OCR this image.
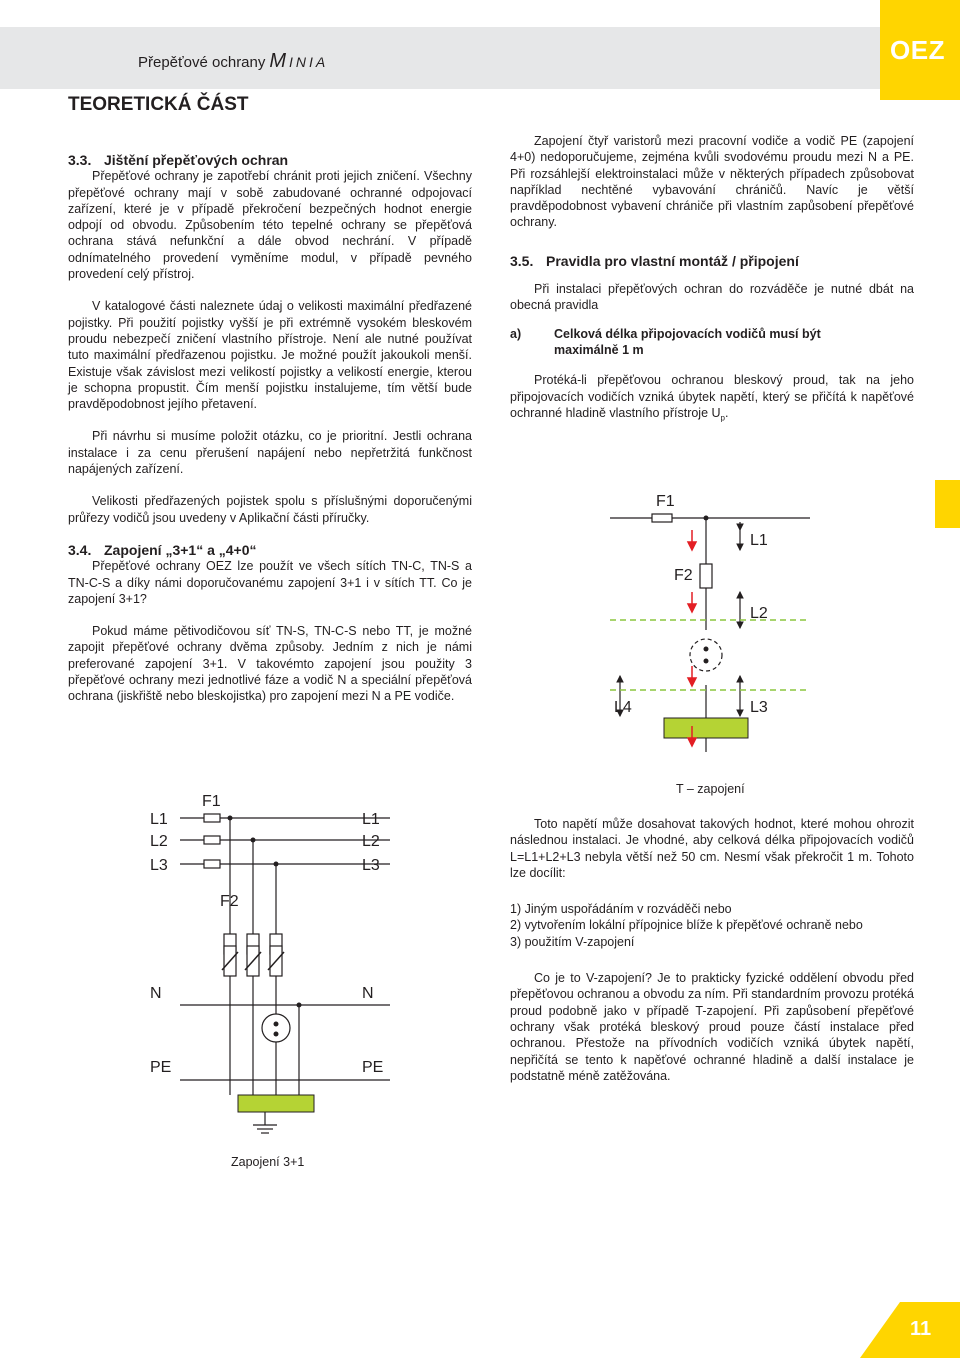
Přepěťové ochrany Minia	OEZ
TEORETICKÁ ČÁST
11

3.3. Jištění přepěťových ochran

Přepěťové ochrany je zapotřebí chránit proti jejich zničení. Všechny přepěťové ochrany mají v sobě zabudované ochranné odpojovací zařízení, které je v případě překročení bezpečných hodnot energie odpojí od obvodu. Způsobením této tepelné ochrany se přepěťová ochrana stává nefunkční a dále obvod nechrání. V případě odnímatelného provedení vyměníme modul, v případě pevného provedení celý přístroj.

V katalogové části naleznete údaj o velikosti maximální předřazené pojistky. Při použití pojistky vyšší je při extrémně vysokém bleskovém proudu nebezpečí zničení vlastního přístroje. Není ale nutné používat tuto maximální předřazenou pojistku. Je možné použít jakoukoli menší. Existuje však závislost mezi velikostí pojistky a velikostí energie, kterou je schopna propustit. Čím menší pojistku instalujeme, tím větší bude pravděpodobnost jejího přetavení.

Při návrhu si musíme položit otázku, co je prioritní. Jestli ochrana instalace i za cenu přerušení napájení nebo nepřetržitá funkčnost napájených zařízení.

Velikosti předřazených pojistek spolu s příslušnými doporučenými průřezy vodičů jsou uvedeny v Aplikační části příručky.

3.4. Zapojení „3+1“ a „4+0“

Přepěťové ochrany OEZ lze použít ve všech sítích TN-C, TN-S a TN-C-S a díky námi doporučovanému zapojení 3+1 i v sítích TT. Co je zapojení 3+1?

Pokud máme pětivodičovou síť TN-S, TN-C-S nebo TT, je možné zapojit přepěťové ochrany dvěma způsoby. Jedním z nich je námi preferované zapojení 3+1. V takovémto zapojení jsou použity 3 přepěťové ochrany mezi jednotlivé fáze a vodič N a speciální přepěťová ochrana (jiskřiště nebo bleskojistka) pro zapojení mezi N a PE vodiče.

Zapojení čtyř varistorů mezi pracovní vodiče a vodič PE (zapojení 4+0) nedoporučujeme, zejména kvůli svodovému proudu mezi N a PE. Při rozsáhlejší elektroinstalaci může v některých případech způsobovat například nechtěné vybavování chráničů. Navíc je větší pravděpodobnost vybavení chrániče při vlastním zapůsobení přepěťové ochrany.

3.5. Pravidla pro vlastní montáž / připojení

Při instalaci přepěťových ochran do rozváděče je nutné dbát na obecná pravidla

a)	Celková délka připojovacích vodičů musí být
maximálně 1 m

Protéká-li přepěťovou ochranou bleskový proud, tak na jeho připojovacích vodičích vzniká úbytek napětí, který se přičítá k napěťové ochranné hladině vlastního přístroje $U_p$.

Toto napětí může dosahovat takových hodnot, které mohou ohrozit následnou instalaci. Je vhodné, aby celková délka připojovacích vodičů L=L1+L2+L3 nebyla větší než 50 cm. Nesmí však překročit 1 m. Tohoto lze docílit:

1) Jiným uspořádáním v rozváděči nebo
2) vytvořením lokální přípojnice blíže k přepěťové ochraně nebo
3) použitím V-zapojení

Co je to V-zapojení? Je to prakticky fyzické oddělení obvodu před přepěťovou ochranou a obvodu za ním. Při standardním provozu protéká proud podobně jako v případě T-zapojení. Při zapůsobení přepěťové ochrany však protéká bleskový proud pouze částí instalace před ochranou. Přestože na přívodních vodičích vzniká úbytek napětí, nepřičítá se tento k napěťové ochranné hladině a další instalace je podstatně méně zatěžována.

L1
L2
L3
F1
F2
L1
L2
L3
N	N
PE	PE
Zapojení 3+1
F1
L1
F2
L2
L4	L3
T – zapojení
